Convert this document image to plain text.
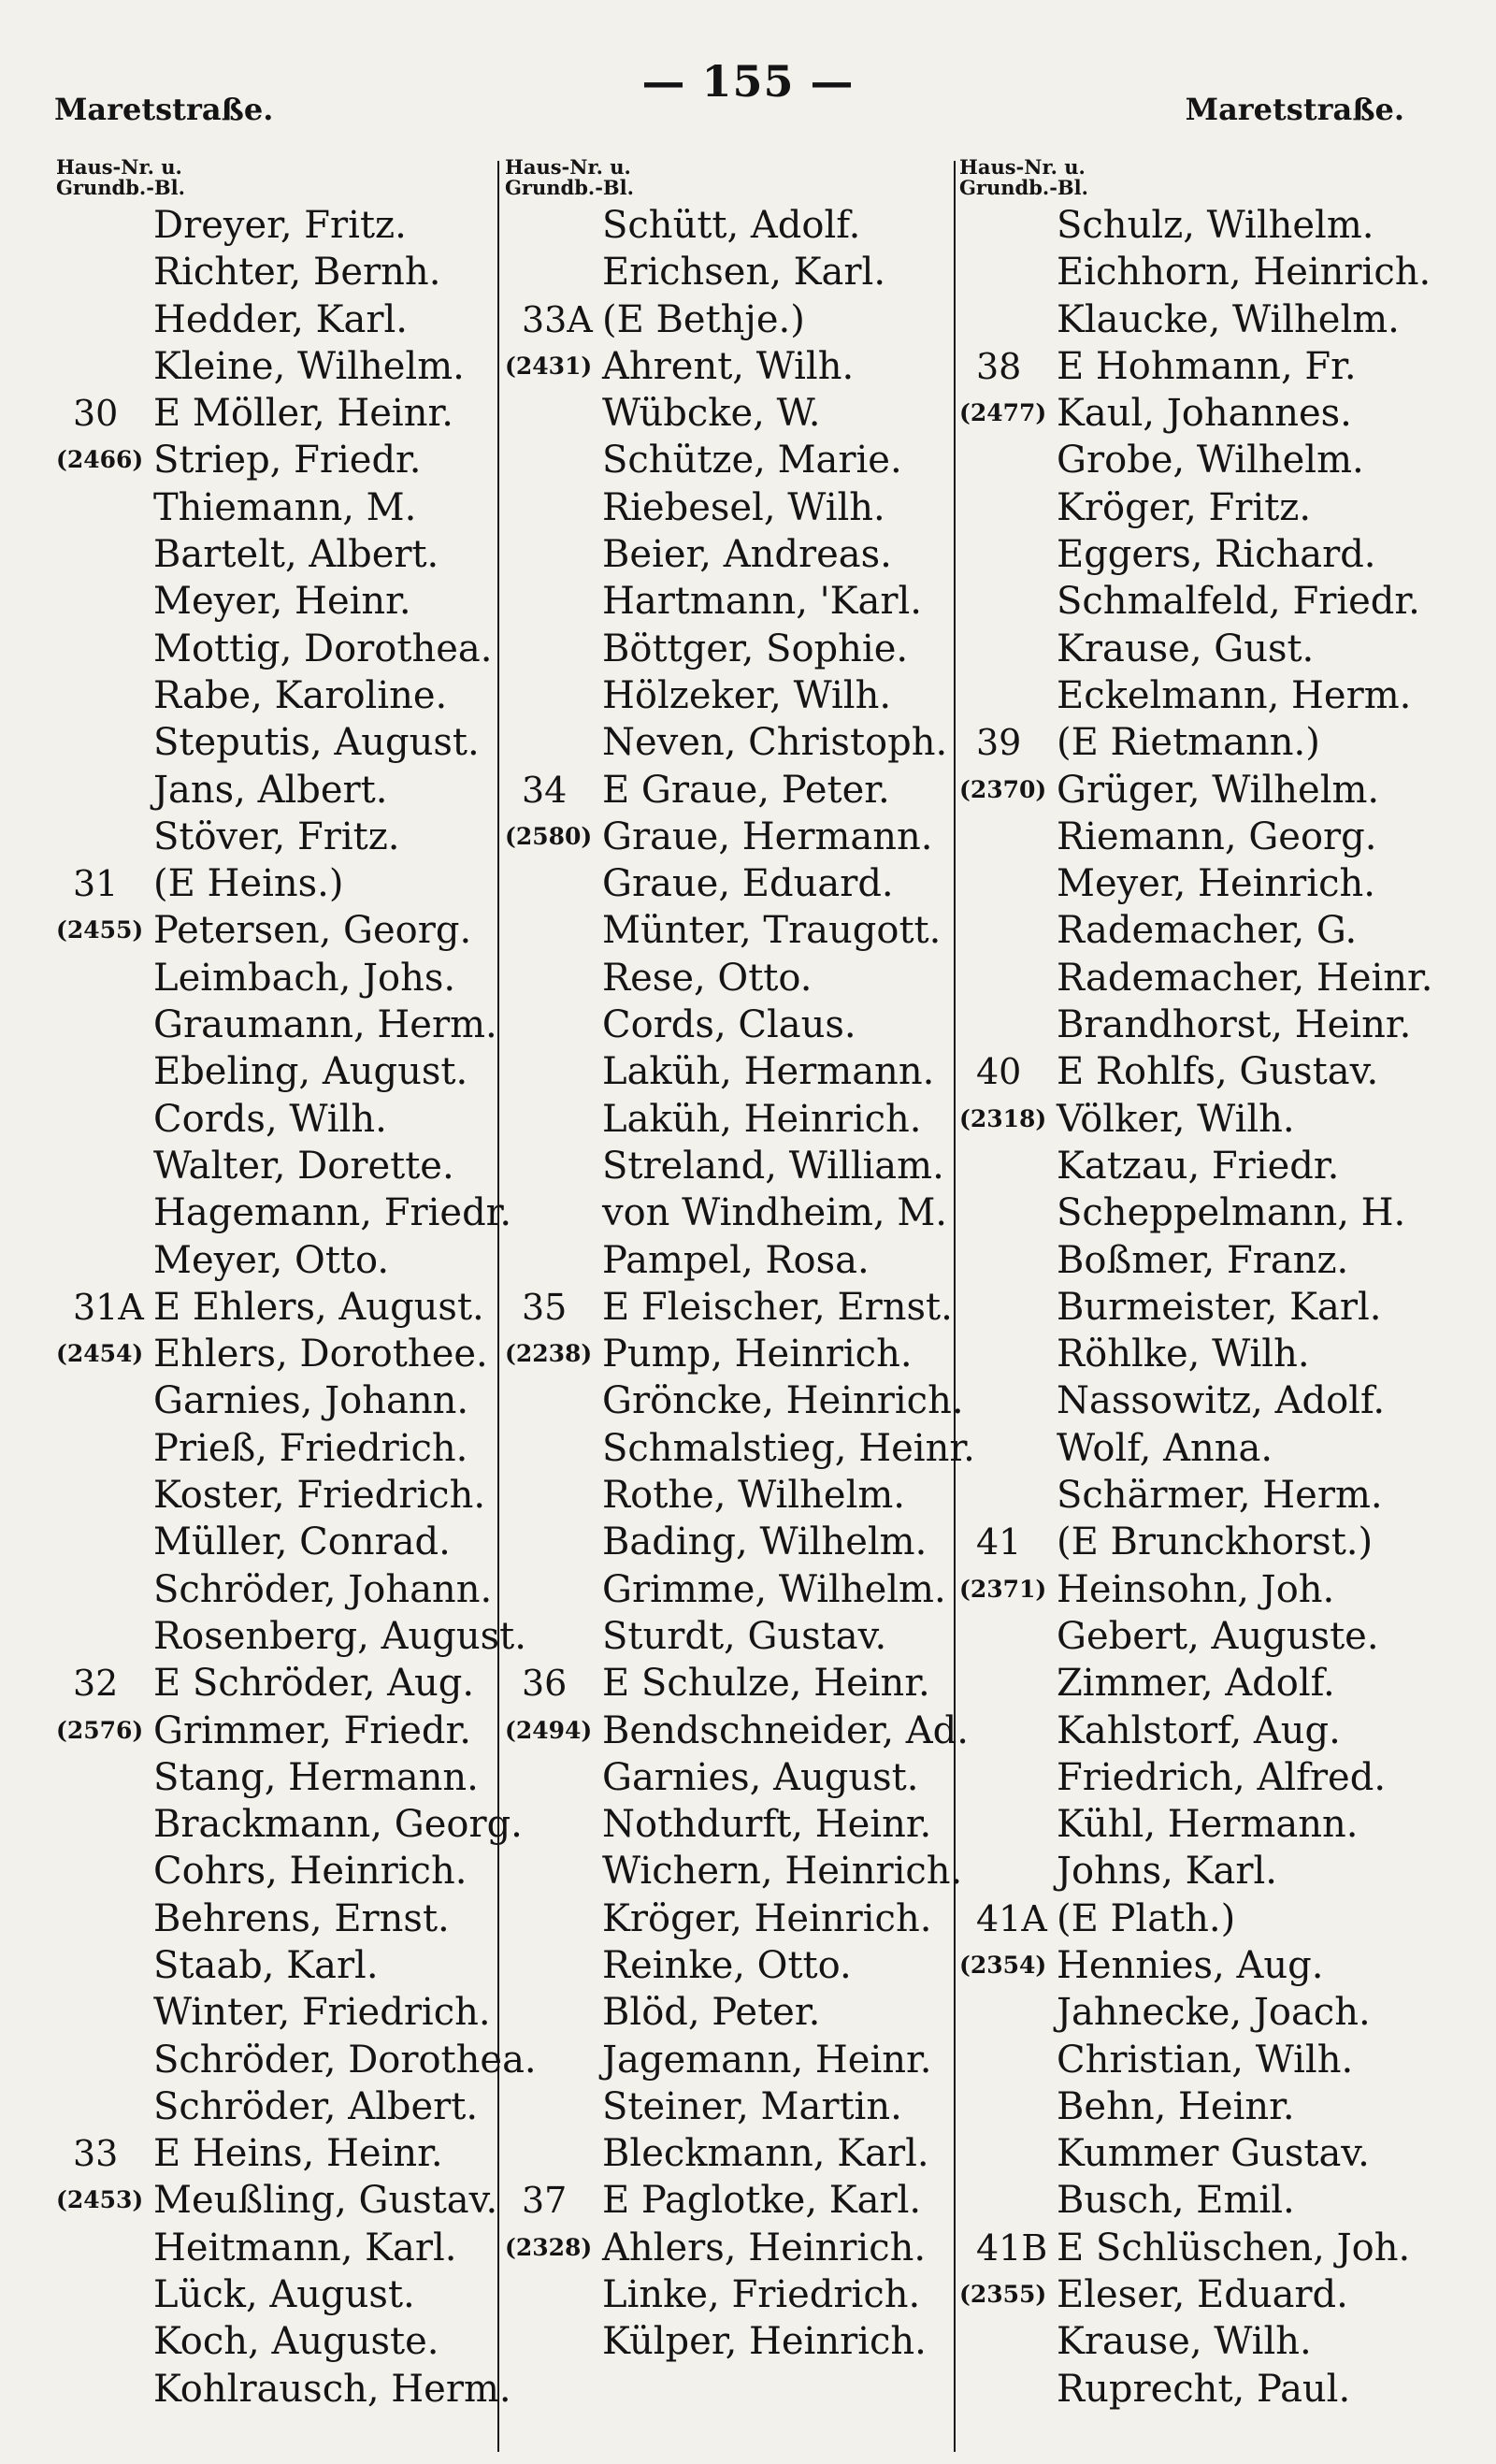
Maretstraße.
— 155 —
Maretstraße.
Haus-Nr. u.
Grundb.-Bl.
Dreyer, Fritz.
Richter, Bernh.
Hedder, Karl.
Kleine, Wilhelm.
30 E Möller, Heinr.
(2466) Striep, Friedr.
Thiemann, M.
Bartelt, Albert.
Meyer, Heinr.
Mottig, Dorothea.
Rabe, Karoline.
Steputis, August.
Jans, Albert.
Stöver, Fritz.
31 (E Heins.)
(2455) Petersen, Georg.
Leimbach, Johs.
Graumann, Herm.
Ebeling, August.
Cords, Wilh.
Walter, Dorette.
Hagemann, Friedr.
Meyer, Otto.
31A E Ehlers, August.
(2454) Ehlers, Dorothee.
Garnies, Johann.
Prieß, Friedrich.
Koster, Friedrich.
Müller, Conrad.
Schröder, Johann.
Rosenberg, August.
32 E Schröder, Aug.
(2576) Grimmer, Friedr.
Stang, Hermann.
Brackmann, Georg.
Cohrs, Heinrich.
Behrens, Ernst.
Staab, Karl.
Winter, Friedrich.
Schröder, Dorothea.
Schröder, Albert.
33 E Heins, Heinr.
(2453) Meußling, Gustav.
Heitmann, Karl.
Lück, August.
Koch, Auguste.
Kohlrausch, Herm.
Haus-Nr. u.
Grundb.-Bl.
Schütt, Adolf.
Erichsen, Karl.
33A (E Bethje.)
(2431) Ahrent, Wilh.
Wübcke, W.
Schütze, Marie.
Riebesel, Wilh.
Beier, Andreas.
Hartmann, 'Karl.
Böttger, Sophie.
Hölzeker, Wilh.
Neven, Christoph.
34 E Graue, Peter.
(2580) Graue, Hermann.
Graue, Eduard.
Münter, Traugott.
Rese, Otto.
Cords, Claus.
Laküh, Hermann.
Laküh, Heinrich.
Streland, William.
von Windheim, M.
Pampel, Rosa.
35 E Fleischer, Ernst.
(2238) Pump, Heinrich.
Gröncke, Heinrich.
Schmalstieg, Heinr.
Rothe, Wilhelm.
Bading, Wilhelm.
Grimme, Wilhelm.
Sturdt, Gustav.
36 E Schulze, Heinr.
(2494) Bendschneider, Ad.
Garnies, August.
Nothdurft, Heinr.
Wichern, Heinrich.
Kröger, Heinrich.
Reinke, Otto.
Blöd, Peter.
Jagemann, Heinr.
Steiner, Martin.
Bleckmann, Karl.
37 E Paglotke, Karl.
(2328) Ahlers, Heinrich.
Linke, Friedrich.
Külper, Heinrich.
Haus-Nr. u.
Grundb.-Bl.
Schulz, Wilhelm.
Eichhorn, Heinrich.
Klaucke, Wilhelm.
38 E Hohmann, Fr.
(2477) Kaul, Johannes.
Grobe, Wilhelm.
Kröger, Fritz.
Eggers, Richard.
Schmalfeld, Friedr.
Krause, Gust.
Eckelmann, Herm.
39 (E Rietmann.)
(2370) Grüger, Wilhelm.
Riemann, Georg.
Meyer, Heinrich.
Rademacher, G.
Rademacher, Heinr.
Brandhorst, Heinr.
40 E Rohlfs, Gustav.
(2318) Völker, Wilh.
Katzau, Friedr.
Scheppelmann, H.
Boßmer, Franz.
Burmeister, Karl.
Röhlke, Wilh.
Nassowitz, Adolf.
Wolf, Anna.
Schärmer, Herm.
41 (E Brunckhorst.)
(2371) Heinsohn, Joh.
Gebert, Auguste.
Zimmer, Adolf.
Kahlstorf, Aug.
Friedrich, Alfred.
Kühl, Hermann.
Johns, Karl.
41A (E Plath.)
(2354) Hennies, Aug.
Jahnecke, Joach.
Christian, Wilh.
Behn, Heinr.
Kummer Gustav.
Busch, Emil.
41B E Schlüschen, Joh.
(2355) Eleser, Eduard.
Krause, Wilh.
Ruprecht, Paul.
